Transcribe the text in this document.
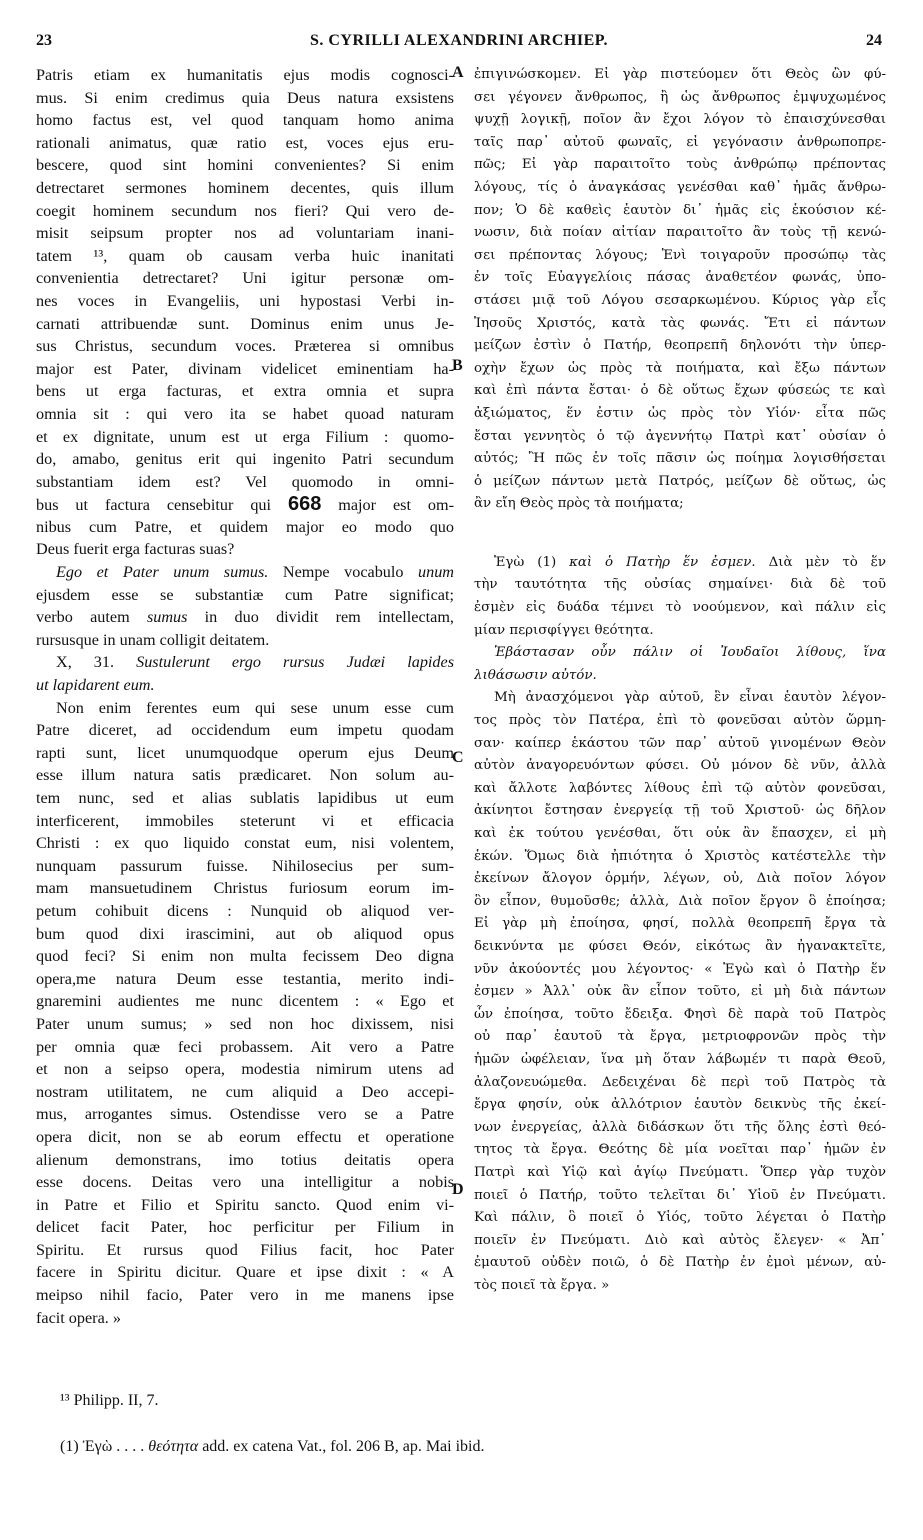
23	S. CYRILLI ALEXANDRINI ARCHIEP.	24
Patris etiam ex humanitatis ejus modis cognosci-
mus. Si enim credimus quia Deus natura exsistens
homo factus est, vel quod tanquam homo anima
rationali animatus, quæ ratio est, voces ejus eru-
bescere, quod sint homini convenientes? Si enim
detrectaret sermones hominem decentes, quis illum
coegit hominem secundum nos fieri? Qui vero de-
misit seipsum propter nos ad voluntariam inani-
tatem ¹³, quam ob causam verba huic inanitati
convenientia detrectaret? Uni igitur personæ om-
nes voces in Evangeliis, uni hypostasi Verbi in-
carnati attribuendæ sunt. Dominus enim unus Je-
sus Christus, secundum voces. Præterea si omnibus
major est Pater, divinam videlicet eminentiam ha-
bens ut erga facturas, et extra omnia et supra
omnia sit : qui vero ita se habet quoad naturam
et ex dignitate, unum est ut erga Filium : quomo-
do, amabo, genitus erit qui ingenito Patri secundum
substantiam idem est? Vel quomodo in omni-
bus ut factura censebitur qui 668 major est om-
nibus cum Patre, et quidem major eo modo quo
Deus fuerit erga facturas suas?
Ego et Pater unum sumus. Nempe vocabulo unum
ejusdem esse se substantiæ cum Patre significat;
verbo autem sumus in duo dividit rem intellectam,
rursusque in unam colligit deitatem.
X, 31. Sustulerunt ergo rursus Judæi lapides
ut lapidarent eum.
Non enim ferentes eum qui sese unum esse cum
Patre diceret, ad occidendum eum impetu quodam
rapti sunt, licet unumquodque operum ejus Deum
esse illum natura satis prædicaret. Non solum au-
tem nunc, sed et alias sublatis lapidibus ut eum
interficerent, immobiles steterunt vi et efficacia
Christi : ex quo liquido constat eum, nisi volentem,
nunquam passurum fuisse. Nihilosecius per sum-
mam mansuetudinem Christus furiosum eorum im-
petum cohibuit dicens : Nunquid ob aliquod ver-
bum quod dixi irascimini, aut ob aliquod opus
quod feci? Si enim non multa fecissem Deo digna
opera,me natura Deum esse testantia, merito indi-
gnaremini audientes me nunc dicentem : « Ego et
Pater unum sumus; » sed non hoc dixissem, nisi
per omnia quæ feci probassem. Ait vero a Patre
et non a seipso opera, modestia nimirum utens ad
nostram utilitatem, ne cum aliquid a Deo accepi-
mus, arrogantes simus. Ostendisse vero se a Patre
opera dicit, non se ab eorum effectu et operatione
alienum demonstrans, imo totius deitatis opera
esse docens. Deitas vero una intelligitur a nobis
in Patre et Filio et Spiritu sancto. Quod enim vi-
delicet facit Pater, hoc perficitur per Filium in
Spiritu. Et rursus quod Filius facit, hoc Pater
facere in Spiritu dicitur. Quare et ipse dixit : « A
meipso nihil facio, Pater vero in me manens ipse
facit opera. »
A
B
C
D
ἐπιγινώσκομεν. Εἰ γὰρ πιστεύομεν ὅτι Θεὸς ὢν φύ-
σει γέγονεν ἄνθρωπος, ἢ ὡς ἄνθρωπος ἐμψυχωμένος
ψυχῇ λογικῇ, ποῖον ἂν ἔχοι λόγον τὸ ἐπαισχύνεσθαι
ταῖς παρ᾽ αὐτοῦ φωναῖς, εἰ γεγόνασιν ἀνθρωποπρε-
πῶς; Εἰ γὰρ παραιτοῖτο τοὺς ἀνθρώπῳ πρέποντας
λόγους, τίς ὁ ἀναγκάσας γενέσθαι καθ᾽ ἡμᾶς ἄνθρω-
πον; Ὁ δὲ καθεὶς ἑαυτὸν δι᾽ ἡμᾶς εἰς ἑκούσιον κέ-
νωσιν, διὰ ποίαν αἰτίαν παραιτοῖτο ἂν τοὺς τῇ κενώ-
σει πρέποντας λόγους; Ἑνὶ τοιγαροῦν προσώπῳ τὰς
ἐν τοῖς Εὐαγγελίοις πάσας ἀναθετέον φωνάς, ὑπο-
στάσει μιᾷ τοῦ Λόγου σεσαρκωμένου. Κύριος γὰρ εἷς
Ἰησοῦς Χριστός, κατὰ τὰς φωνάς. Ἔτι εἰ πάντων
μείζων ἐστὶν ὁ Πατήρ, θεοπρεπῆ δηλονότι τὴν ὑπερ-
οχὴν ἔχων ὡς πρὸς τὰ ποιήματα, καὶ ἔξω πάντων
καὶ ἐπὶ πάντα ἔσται· ὁ δὲ οὕτως ἔχων φύσεώς τε καὶ
ἀξιώματος, ἕν ἐστιν ὡς πρὸς τὸν Υἱόν· εἶτα πῶς
ἔσται γεννητὸς ὁ τῷ ἀγεννήτῳ Πατρὶ κατ᾽ οὐσίαν ὁ
αὐτός; Ἢ πῶς ἐν τοῖς πᾶσιν ὡς ποίημα λογισθήσεται
ὁ μείζων πάντων μετὰ Πατρός, μείζων δὲ οὕτως, ὡς
ἂν εἴη Θεὸς πρὸς τὰ ποιήματα;
Ἐγὼ (1) καὶ ὁ Πατὴρ ἕν ἐσμεν. Διὰ μὲν τὸ ἕν
τὴν ταυτότητα τῆς οὐσίας σημαίνει· διὰ δὲ τοῦ
ἐσμὲν εἰς δυάδα τέμνει τὸ νοούμενον, καὶ πάλιν εἰς
μίαν περισφίγγει θεότητα.
Ἐβάστασαν οὖν πάλιν οἱ Ἰουδαῖοι λίθους, ἵνα
λιθάσωσιν αὐτόν.
Μὴ ἀνασχόμενοι γὰρ αὐτοῦ, ἓν εἶναι ἑαυτὸν λέγον-
τος πρὸς τὸν Πατέρα, ἐπὶ τὸ φονεῦσαι αὐτὸν ὥρμη-
σαν· καίπερ ἑκάστου τῶν παρ᾽ αὐτοῦ γινομένων Θεὸν
αὐτὸν ἀναγορευόντων φύσει. Οὐ μόνον δὲ νῦν, ἀλλὰ
καὶ ἄλλοτε λαβόντες λίθους ἐπὶ τῷ αὐτὸν φονεῦσαι,
ἀκίνητοι ἔστησαν ἐνεργείᾳ τῇ τοῦ Χριστοῦ· ὡς δῆλον
καὶ ἐκ τούτου γενέσθαι, ὅτι οὐκ ἂν ἔπασχεν, εἰ μὴ
ἑκών. Ὅμως διὰ ἠπιότητα ὁ Χριστὸς κατέστελλε τὴν
ἐκείνων ἄλογον ὁρμήν, λέγων, οὐ, Διὰ ποῖον λόγον
ὃν εἶπον, θυμοῦσθε; ἀλλὰ, Διὰ ποῖον ἔργον ὃ ἐποίησα;
Εἰ γὰρ μὴ ἐποίησα, φησί, πολλὰ θεοπρεπῆ ἔργα τὰ
δεικνύντα με φύσει Θεόν, εἰκότως ἂν ἠγανακτεῖτε,
νῦν ἀκούοντές μου λέγοντος· « Ἐγὼ καὶ ὁ Πατὴρ ἕν
ἐσμεν » Ἀλλ᾽ οὐκ ἂν εἶπον τοῦτο, εἰ μὴ διὰ πάντων
ὧν ἐποίησα, τοῦτο ἔδειξα. Φησὶ δὲ παρὰ τοῦ Πατρὸς
οὐ παρ᾽ ἑαυτοῦ τὰ ἔργα, μετριοφρονῶν πρὸς τὴν
ἡμῶν ὠφέλειαν, ἵνα μὴ ὅταν λάβωμέν τι παρὰ Θεοῦ,
ἀλαζονευώμεθα. Δεδειχέναι δὲ περὶ τοῦ Πατρὸς τὰ
ἔργα φησίν, οὐκ ἀλλότριον ἑαυτὸν δεικνὺς τῆς ἐκεί-
νων ἐνεργείας, ἀλλὰ διδάσκων ὅτι τῆς ὅλης ἐστὶ θεό-
τητος τὰ ἔργα. Θεότης δὲ μία νοεῖται παρ᾽ ἡμῶν ἐν
Πατρὶ καὶ Υἱῷ καὶ ἁγίῳ Πνεύματι. Ὅπερ γὰρ τυχὸν
ποιεῖ ὁ Πατήρ, τοῦτο τελεῖται δι᾽ Υἱοῦ ἐν Πνεύματι.
Καὶ πάλιν, ὃ ποιεῖ ὁ Υἱός, τοῦτο λέγεται ὁ Πατὴρ
ποιεῖν ἐν Πνεύματι. Διὸ καὶ αὐτὸς ἔλεγεν· « Ἀπ᾽
ἐμαυτοῦ οὐδὲν ποιῶ, ὁ δὲ Πατὴρ ἐν ἐμοὶ μένων, αὐ-
τὸς ποιεῖ τὰ ἔργα. »
¹³ Philipp. II, 7.
(1) Ἐγὼ . . . . θεότητα add. ex catena Vat., fol. 206 B, ap. Mai ibid.
